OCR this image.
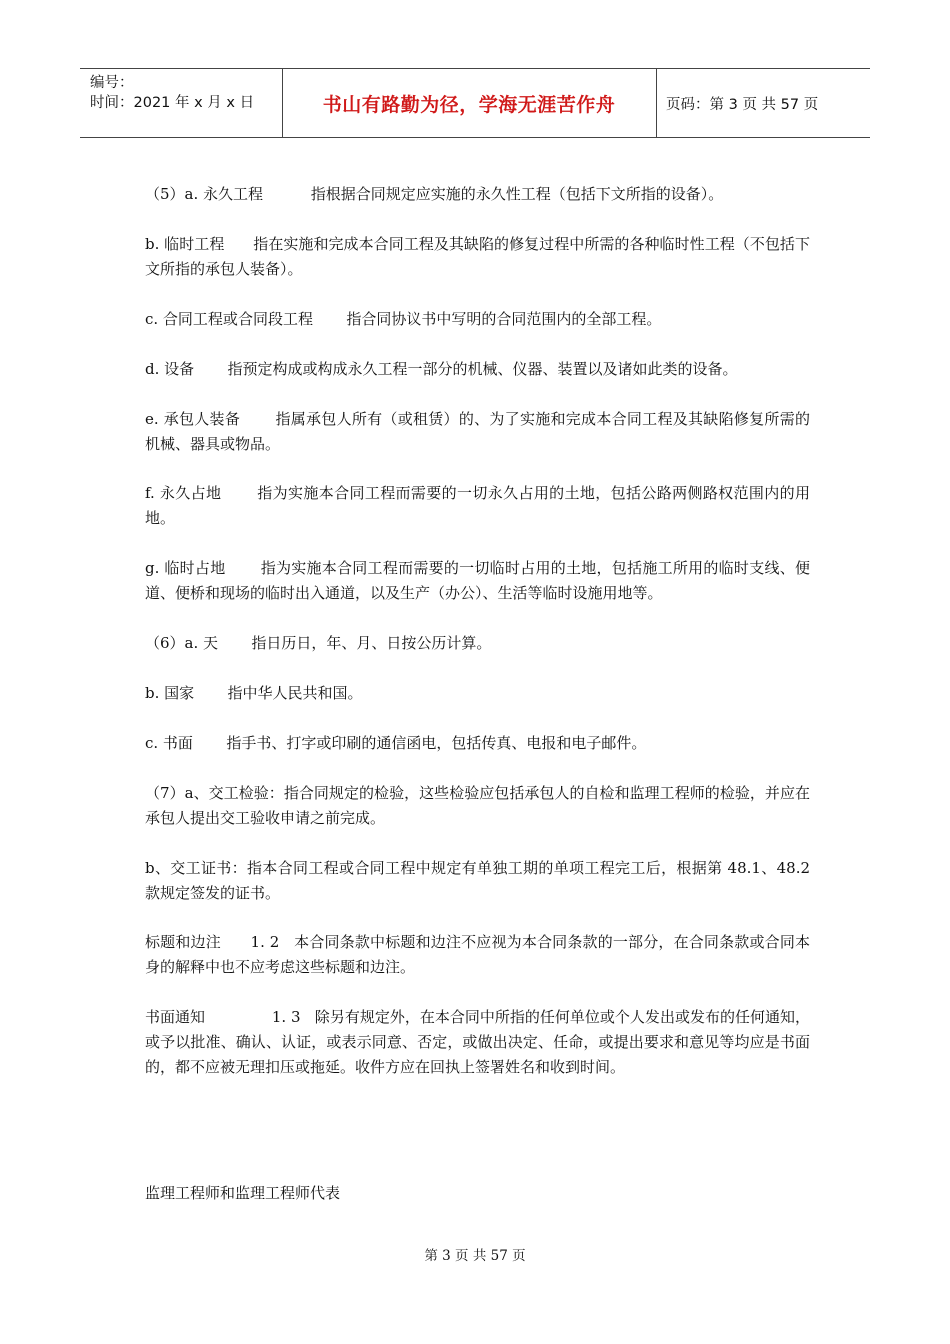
编号：
时间：2021 年 x 月 x 日	书山有路勤为径，学海无涯苦作舟	页码：第 3 页 共 57 页
（5）a. 永久工程          指根据合同规定应实施的永久性工程（包括下文所指的设备）。
b. 临时工程      指在实施和完成本合同工程及其缺陷的修复过程中所需的各种临时性工程（不包括下文所指的承包人装备）。
c. 合同工程或合同段工程       指合同协议书中写明的合同范围内的全部工程。
d. 设备       指预定构成或构成永久工程一部分的机械、仪器、装置以及诸如此类的设备。
e. 承包人装备       指属承包人所有（或租赁）的、为了实施和完成本合同工程及其缺陷修复所需的机械、器具或物品。
f. 永久占地       指为实施本合同工程而需要的一切永久占用的土地，包括公路两侧路权范围内的用地。
g. 临时占地       指为实施本合同工程而需要的一切临时占用的土地，包括施工所用的临时支线、便道、便桥和现场的临时出入通道，以及生产（办公）、生活等临时设施用地等。
（6）a. 天       指日历日，年、月、日按公历计算。
b. 国家       指中华人民共和国。
c. 书面       指手书、打字或印刷的通信函电，包括传真、电报和电子邮件。
（7）a、交工检验：指合同规定的检验，这些检验应包括承包人的自检和监理工程师的检验，并应在承包人提出交工验收申请之前完成。
b、交工证书：指本合同工程或合同工程中规定有单独工期的单项工程完工后，根据第 48.1、48.2 款规定签发的证书。
标题和边注      1. 2   本合同条款中标题和边注不应视为本合同条款的一部分，在合同条款或合同本身的解释中也不应考虑这些标题和边注。
书面通知              1. 3   除另有规定外，在本合同中所指的任何单位或个人发出或发布的任何通知，或予以批准、确认、认证，或表示同意、否定，或做出决定、任命，或提出要求和意见等均应是书面的，都不应被无理扣压或拖延。收件方应在回执上签署姓名和收到时间。
监理工程师和监理工程师代表
第 3 页 共 57 页
